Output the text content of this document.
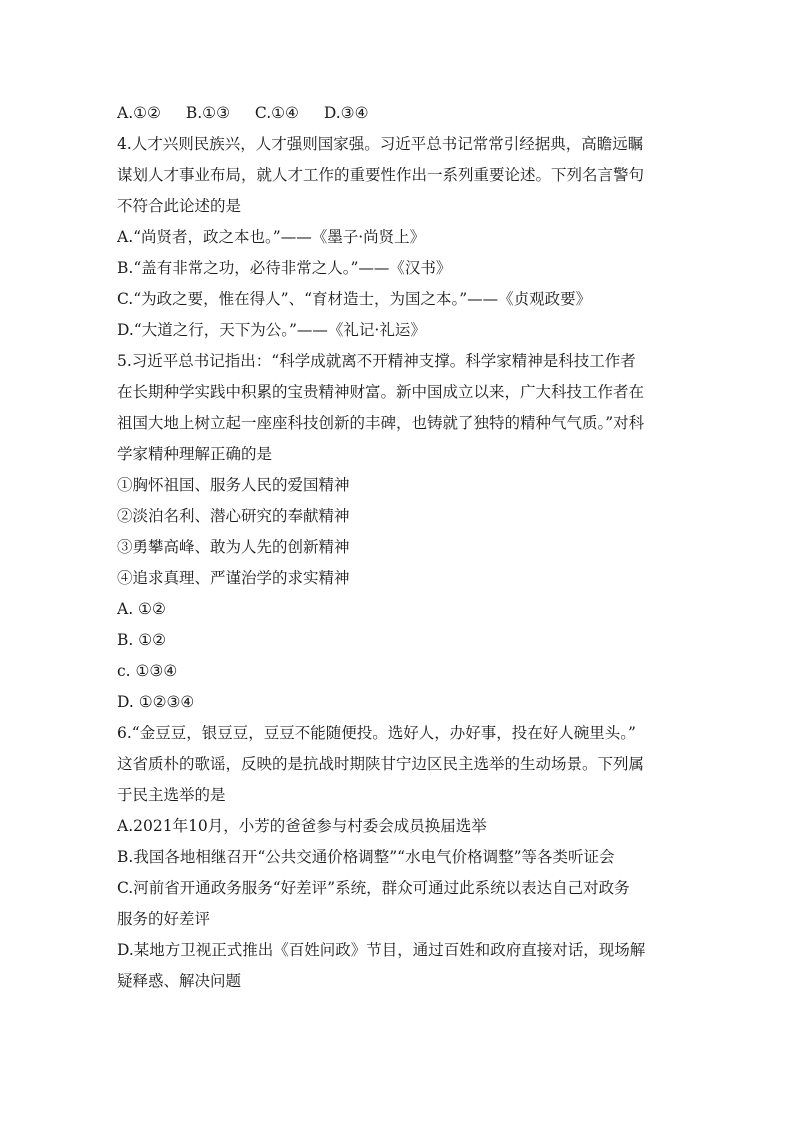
A.①② B.①③ C.①④ D.③④
4.人才兴则民族兴，人才强则国家强。习近平总书记常常引经据典，高瞻远瞩
谋划人才事业布局，就人才工作的重要性作出一系列重要论述。下列名言警句
不符合此论述的是
A.“尚贤者，政之本也。”——《墨子·尚贤上》
B.“盖有非常之功，必待非常之人。”——《汉书》
C.“为政之要，惟在得人”、“育材造士，为国之本。”——《贞观政要》
D.“大道之行，天下为公。”——《礼记·礼运》
5.习近平总书记指出：“科学成就离不开精神支撑。科学家精神是科技工作者
在长期种学实践中积累的宝贵精神财富。新中国成立以来，广大科技工作者在
祖国大地上树立起一座座科技创新的丰碑，也铸就了独特的精种气气质。”对科
学家精种理解正确的是
①胸怀祖国、服务人民的爱国精神
②淡泊名利、潜心研究的奉献精神
③勇攀高峰、敢为人先的创新精神
④追求真理、严谨治学的求实精神
A. ①②
B. ①②
c. ①③④
D. ①②③④
6.“金豆豆，银豆豆，豆豆不能随便投。选好人，办好事，投在好人碗里头。”
这省质朴的歌谣，反映的是抗战时期陕甘宁边区民主选举的生动场景。下列属
于民主选举的是
A.2021年10月，小芳的爸爸参与村委会成员换届选举
B.我国各地相继召开“公共交通价格调整”“水电气价格调整”等各类听证会
C.河前省开通政务服务“好差评”系统，群众可通过此系统以表达自己对政务
服务的好差评
D.某地方卫视正式推出《百姓问政》节目，通过百姓和政府直接对话，现场解
疑释惑、解决问题
